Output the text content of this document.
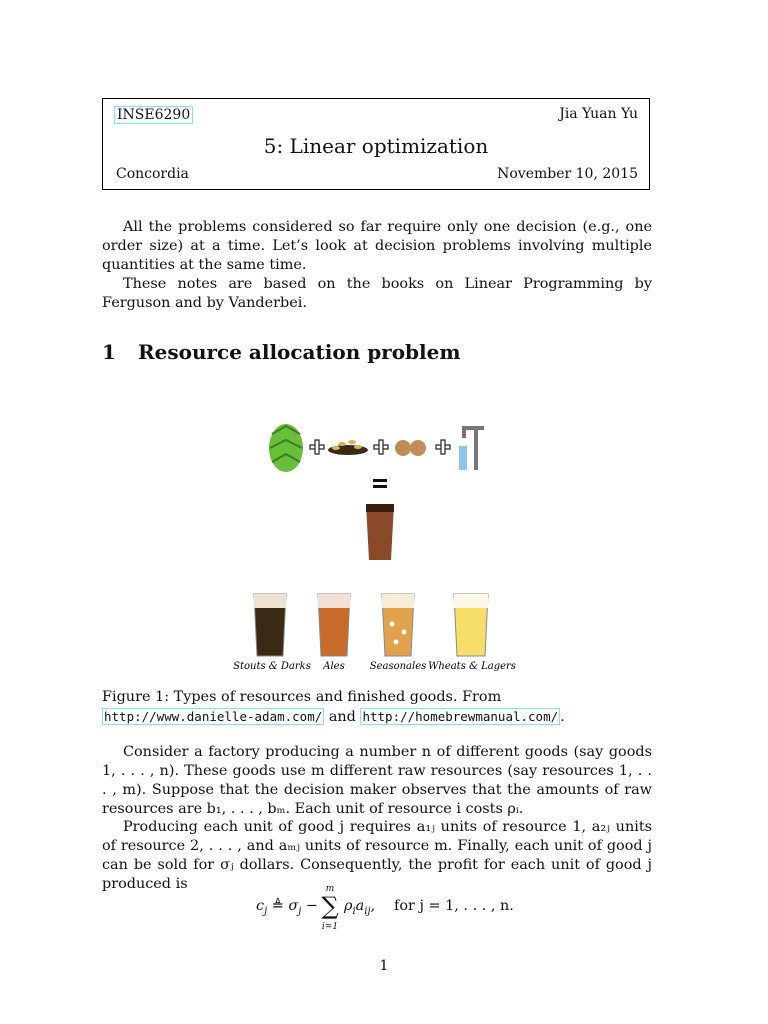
INSE6290	Jia Yuan Yu
5: Linear optimization
Concordia	November 10, 2015
All the problems considered so far require only one decision (e.g., one order size) at a time. Let’s look at decision problems involving multiple quantities at the same time.
These notes are based on the books on Linear Programming by Ferguson and by Vanderbei.
1 Resource allocation problem
Stouts & Darks Ales Seasonales Wheats & Lagers
Figure 1: Types of resources and finished goods. From http://www.danielle-adam.com/ and http://homebrewmanual.com/ .
Consider a factory producing a number n of different goods (say goods 1, . . . , n). These goods use m different raw resources (say resources 1, . . . , m). Suppose that the decision maker observes that the amounts of raw resources are b₁, . . . , bₘ. Each unit of resource i costs ρᵢ.
Producing each unit of good j requires a₁ⱼ units of resource 1, a₂ⱼ units of resource 2, . . . , and aₘⱼ units of resource m. Finally, each unit of good j can be sold for σⱼ dollars. Consequently, the profit for each unit of good j produced is
$c_j$ ≜ $\sigma_j$ −
m
∑
i=1
$\rho_ia_{ij}$, for j = 1, . . . , n.
1
